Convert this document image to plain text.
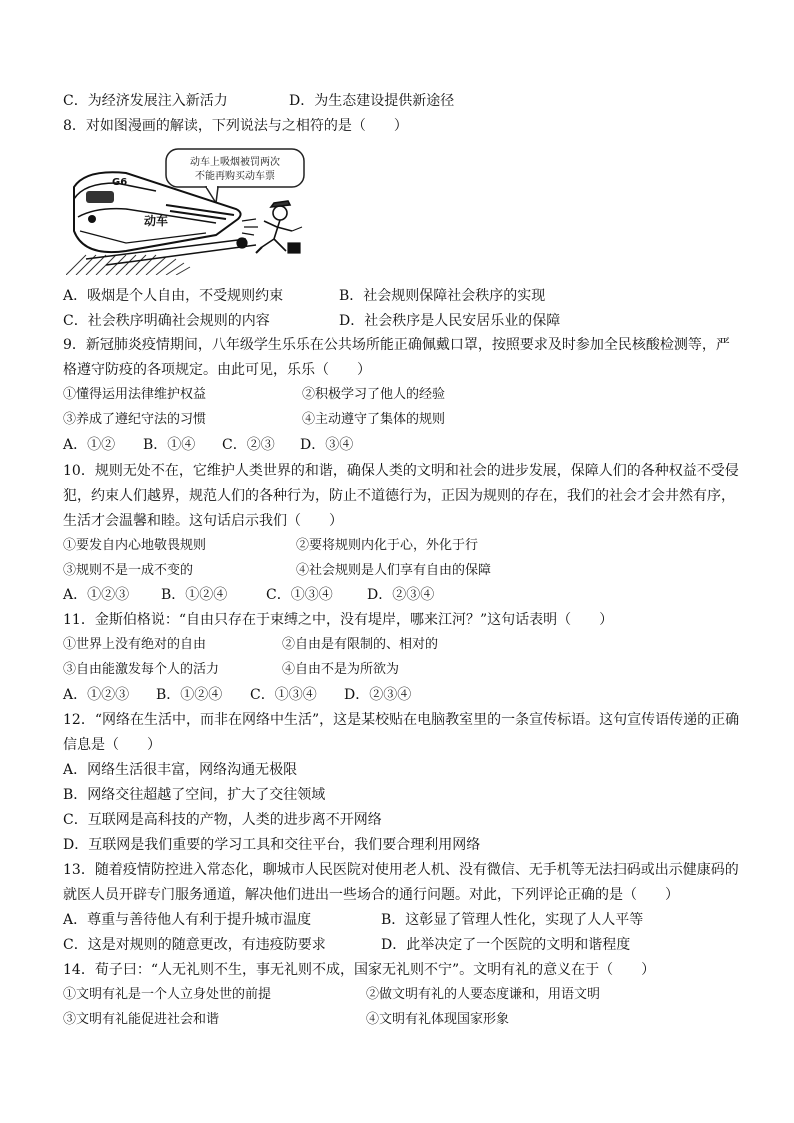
C．为经济发展注入新活力	D．为生态建设提供新途径
8．对如图漫画的解读，下列说法与之相符的是（　　）
动车上吸烟被罚两次
不能再购买动车票
G6
动车
A．吸烟是个人自由，不受规则约束	B．社会规则保障社会秩序的实现
C．社会秩序明确社会规则的内容	D．社会秩序是人民安居乐业的保障
9．新冠肺炎疫情期间，八年级学生乐乐在公共场所能正确佩戴口罩，按照要求及时参加全民核酸检测等，严
格遵守防疫的各项规定。由此可见，乐乐（　　）
①懂得运用法律维护权益	②积极学习了他人的经验
③养成了遵纪守法的习惯	④主动遵守了集体的规则
A．①② B．①④ C．②③ D．③④
10．规则无处不在，它维护人类世界的和谐，确保人类的文明和社会的进步发展，保障人们的各种权益不受侵
犯，约束人们越界，规范人们的各种行为，防止不道德行为，正因为规则的存在，我们的社会才会井然有序，
生活才会温馨和睦。这句话启示我们（　　）
①要发自内心地敬畏规则	②要将规则内化于心，外化于行
③规则不是一成不变的	④社会规则是人们享有自由的保障
A．①②③ B．①②④	C．①③④ D．②③④
11．金斯伯格说：“自由只存在于束缚之中，没有堤岸，哪来江河？”这句话表明（　　）
①世界上没有绝对的自由	②自由是有限制的、相对的
③自由能激发每个人的活力	④自由不是为所欲为
A．①②③ B．①②④ C．①③④ D．②③④
12．“网络在生活中，而非在网络中生活”，这是某校贴在电脑教室里的一条宣传标语。这句宣传语传递的正确
信息是（　　）
A．网络生活很丰富，网络沟通无极限
B．网络交往超越了空间，扩大了交往领域
C．互联网是高科技的产物，人类的进步离不开网络
D．互联网是我们重要的学习工具和交往平台，我们要合理利用网络
13．随着疫情防控进入常态化，聊城市人民医院对使用老人机、没有微信、无手机等无法扫码或出示健康码的
就医人员开辟专门服务通道，解决他们进出一些场合的通行问题。对此，下列评论正确的是（　　）
A．尊重与善待他人有利于提升城市温度	B．这彰显了管理人性化，实现了人人平等
C．这是对规则的随意更改，有违疫防要求	D．此举决定了一个医院的文明和谐程度
14．荀子曰：“人无礼则不生，事无礼则不成，国家无礼则不宁”。文明有礼的意义在于（　　）
①文明有礼是一个人立身处世的前提	②做文明有礼的人要态度谦和，用语文明
③文明有礼能促进社会和谐	④文明有礼体现国家形象
